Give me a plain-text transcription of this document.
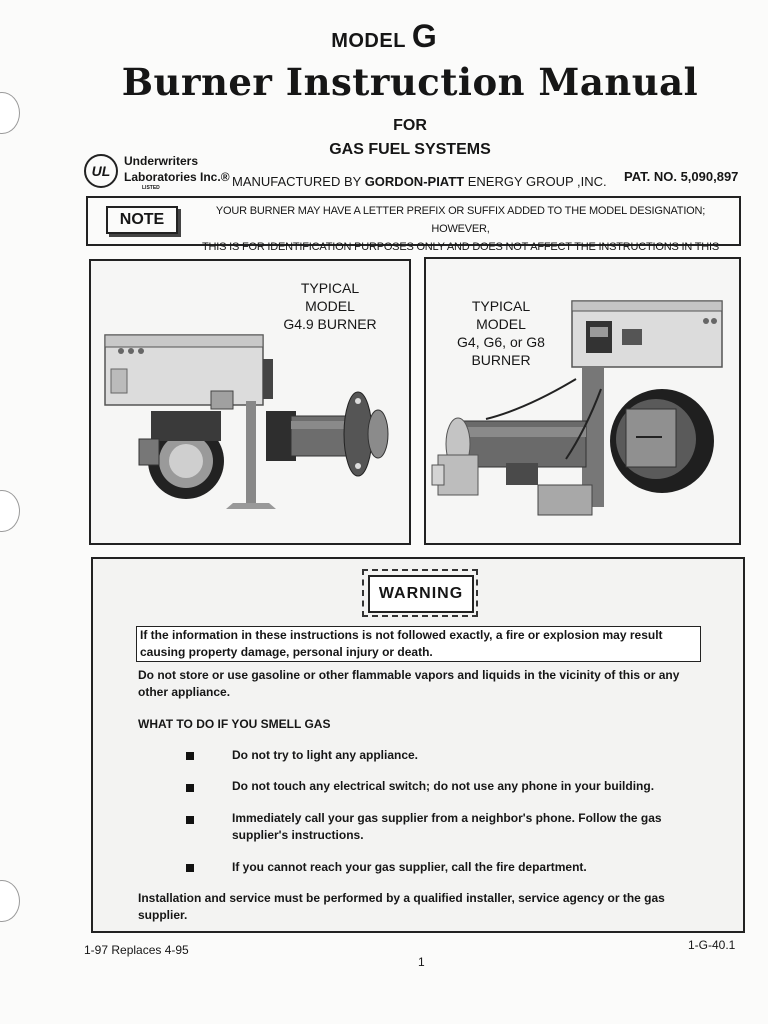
MODEL G
Burner Instruction Manual
FOR
GAS FUEL SYSTEMS
UL
Underwriters
Laboratories Inc.®
LISTED	MANUFACTURED BY GORDON-PIATT ENERGY GROUP ,INC. PAT. NO. 5,090,897
NOTE	YOUR BURNER MAY HAVE A LETTER PREFIX OR SUFFIX ADDED TO THE MODEL DESIGNATION; HOWEVER,
THIS IS FOR IDENTIFICATION PURPOSES ONLY AND DOES NOT AFFECT THE INSTRUCTIONS IN THIS
TYPICAL
MODEL
G4.9 BURNER
TYPICAL
MODEL
G4, G6, or G8
BURNER
WARNING
If the information in these instructions is not followed exactly, a fire or explosion may result causing property damage, personal injury or death.
Do not store or use gasoline or other flammable vapors and liquids in the vicinity of this or any other appliance.
WHAT TO DO IF YOU SMELL GAS
Do not try to light any appliance.
Do not touch any electrical switch; do not use any phone in your building.
Immediately call your gas supplier from a neighbor's phone. Follow the gas supplier's instructions.
If you cannot reach your gas supplier, call the fire department.
Installation and service must be performed by a qualified installer, service agency or the gas supplier.
1-97 Replaces 4-95	1-G-40.1
1
